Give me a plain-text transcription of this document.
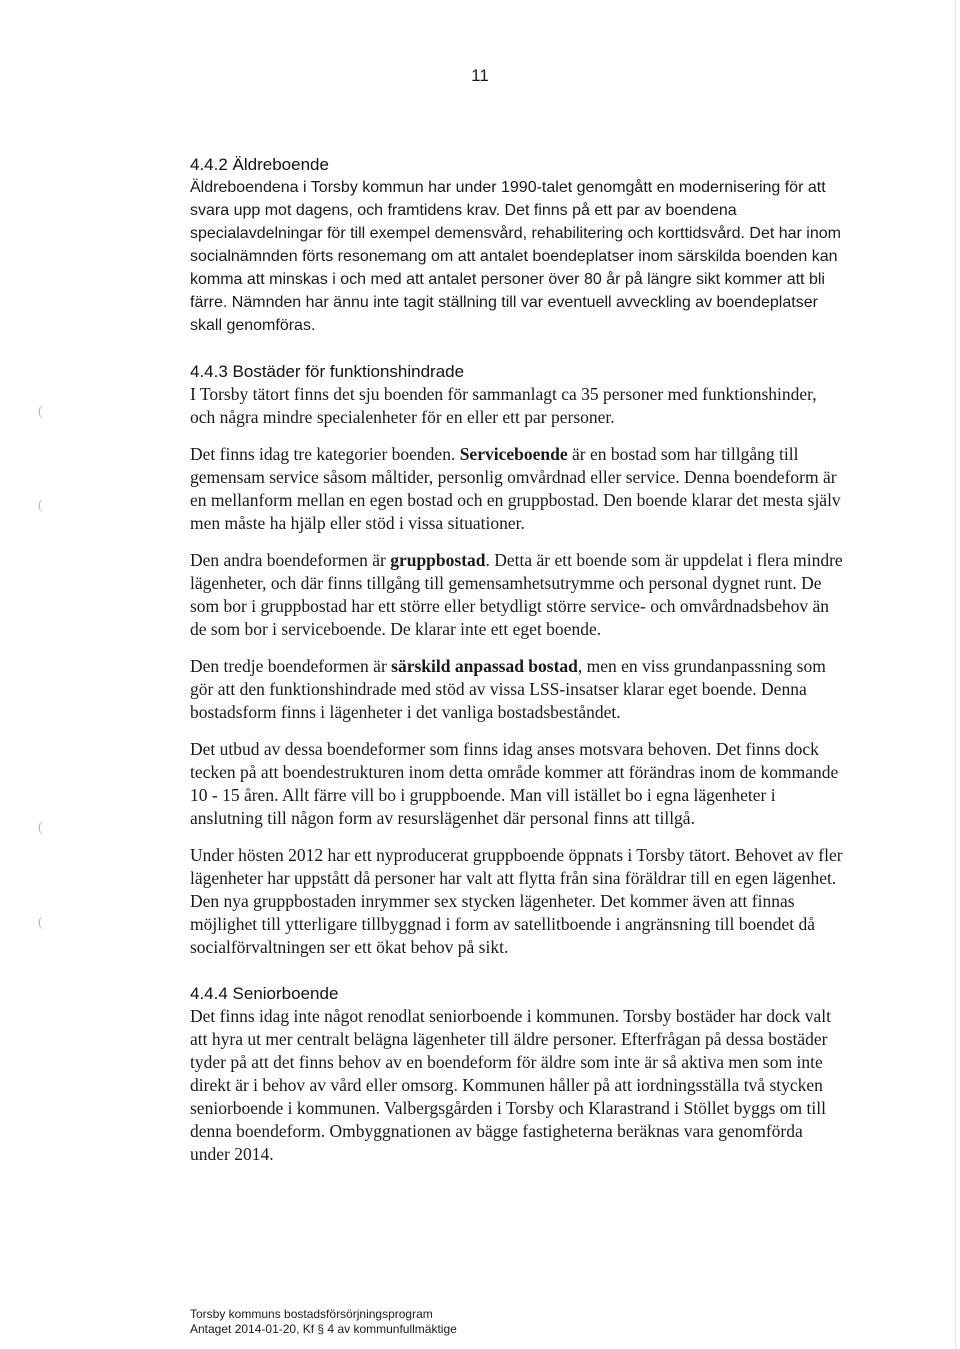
(
(
(
(
11
4.4.2 Äldreboende

Äldreboendena i Torsby kommun har under 1990-talet genomgått en modernisering för att svara upp mot dagens, och framtidens krav. Det finns på ett par av boendena specialavdelningar för till exempel demensvård, rehabilitering och korttidsvård. Det har inom socialnämnden förts resonemang om att antalet boendeplatser inom särskilda boenden kan komma att minskas i och med att antalet personer över 80 år på längre sikt kommer att bli färre. Nämnden har ännu inte tagit ställning till var eventuell avveckling av boendeplatser skall genomföras.

4.4.3 Bostäder för funktionshindrade

I Torsby tätort finns det sju boenden för sammanlagt ca 35 personer med funktionshinder, och några mindre specialenheter för en eller ett par personer.

Det finns idag tre kategorier boenden. Serviceboende är en bostad som har tillgång till gemensam service såsom måltider, personlig omvårdnad eller service. Denna boendeform är en mellanform mellan en egen bostad och en gruppbostad. Den boende klarar det mesta själv men måste ha hjälp eller stöd i vissa situationer.

Den andra boendeformen är gruppbostad. Detta är ett boende som är uppdelat i flera mindre lägenheter, och där finns tillgång till gemensamhetsutrymme och personal dygnet runt. De som bor i gruppbostad har ett större eller betydligt större service- och omvårdnadsbehov än de som bor i serviceboende. De klarar inte ett eget boende.

Den tredje boendeformen är särskild anpassad bostad, men en viss grundanpassning som gör att den funktionshindrade med stöd av vissa LSS-insatser klarar eget boende. Denna bostadsform finns i lägenheter i det vanliga bostadsbeståndet.

Det utbud av dessa boendeformer som finns idag anses motsvara behoven. Det finns dock tecken på att boendestrukturen inom detta område kommer att förändras inom de kommande 10 - 15 åren. Allt färre vill bo i gruppboende. Man vill istället bo i egna lägenheter i anslutning till någon form av resurslägenhet där personal finns att tillgå.

Under hösten 2012 har ett nyproducerat gruppboende öppnats i Torsby tätort. Behovet av fler lägenheter har uppstått då personer har valt att flytta från sina föräldrar till en egen lägenhet. Den nya gruppbostaden inrymmer sex stycken lägenheter. Det kommer även att finnas möjlighet till ytterligare tillbyggnad i form av satellitboende i angränsning till boendet då socialförvaltningen ser ett ökat behov på sikt.

4.4.4 Seniorboende

Det finns idag inte något renodlat seniorboende i kommunen. Torsby bostäder har dock valt att hyra ut mer centralt belägna lägenheter till äldre personer. Efterfrågan på dessa bostäder tyder på att det finns behov av en boendeform för äldre som inte är så aktiva men som inte direkt är i behov av vård eller omsorg. Kommunen håller på att iordningsställa två stycken seniorboende i kommunen. Valbergsgården i Torsby och Klarastrand i Stöllet byggs om till denna boendeform. Ombyggnationen av bägge fastigheterna beräknas vara genomförda under 2014.

Torsby kommuns bostadsförsörjningsprogram
Antaget 2014-01-20, Kf § 4 av kommunfullmäktige
